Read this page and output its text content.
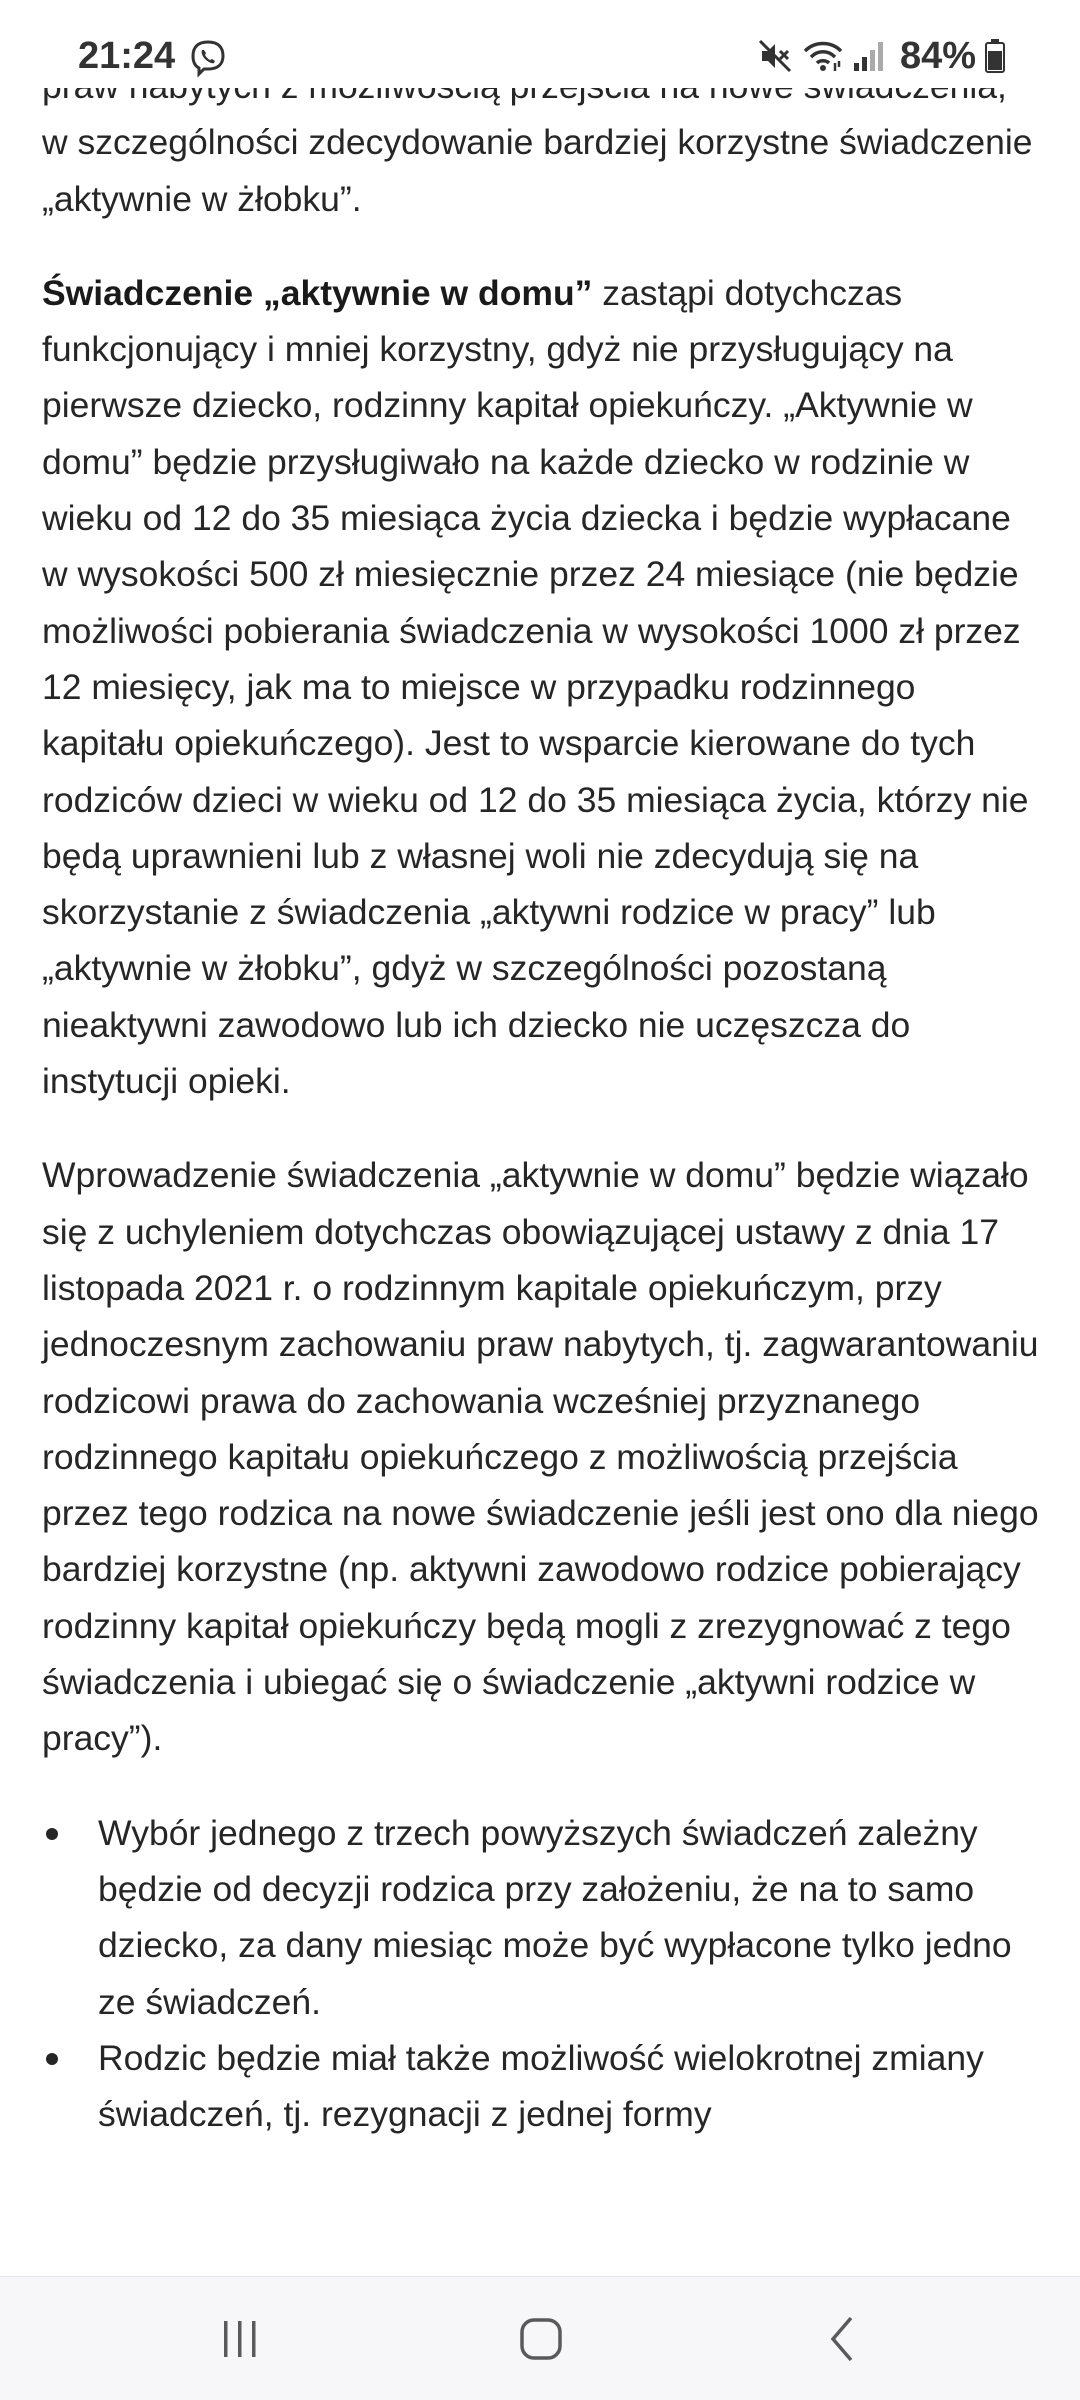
21:24	84%

w szczególności zdecydowanie bardziej korzystne świadczenie „aktywnie w żłobku”.

Świadczenie „aktywnie w domu” zastąpi dotychczas funkcjonujący i mniej korzystny, gdyż nie przysługujący na pierwsze dziecko, rodzinny kapitał opiekuńczy. „Aktywnie w domu” będzie przysługiwało na każde dziecko w rodzinie w wieku od 12 do 35 miesiąca życia dziecka i będzie wypłacane w wysokości 500 zł miesięcznie przez 24 miesiące (nie będzie możliwości pobierania świadczenia w wysokości 1000 zł przez 12 miesięcy, jak ma to miejsce w przypadku rodzinnego kapitału opiekuńczego). Jest to wsparcie kierowane do tych rodziców dzieci w wieku od 12 do 35 miesiąca życia, którzy nie będą uprawnieni lub z własnej woli nie zdecydują się na skorzystanie z świadczenia „aktywni rodzice w pracy” lub „aktywnie w żłobku”, gdyż w szczególności pozostaną nieaktywni zawodowo lub ich dziecko nie uczęszcza do instytucji opieki.

Wprowadzenie świadczenia „aktywnie w domu” będzie wiązało się z uchyleniem dotychczas obowiązującej ustawy z dnia 17 listopada 2021 r. o rodzinnym kapitale opiekuńczym, przy jednoczesnym zachowaniu praw nabytych, tj. zagwarantowaniu rodzicowi prawa do zachowania wcześniej przyznanego rodzinnego kapitału opiekuńczego z możliwością przejścia przez tego rodzica na nowe świadczenie jeśli jest ono dla niego bardziej korzystne (np. aktywni zawodowo rodzice pobierający rodzinny kapitał opiekuńczy będą mogli z zrezygnować z tego świadczenia i ubiegać się o świadczenie „aktywni rodzice w pracy”).

Wybór jednego z trzech powyższych świadczeń zależny będzie od decyzji rodzica przy założeniu, że na to samo dziecko, za dany miesiąc może być wypłacone tylko jedno ze świadczeń.
Rodzic będzie miał także możliwość wielokrotnej zmiany świadczeń, tj. rezygnacji z jednej formy
